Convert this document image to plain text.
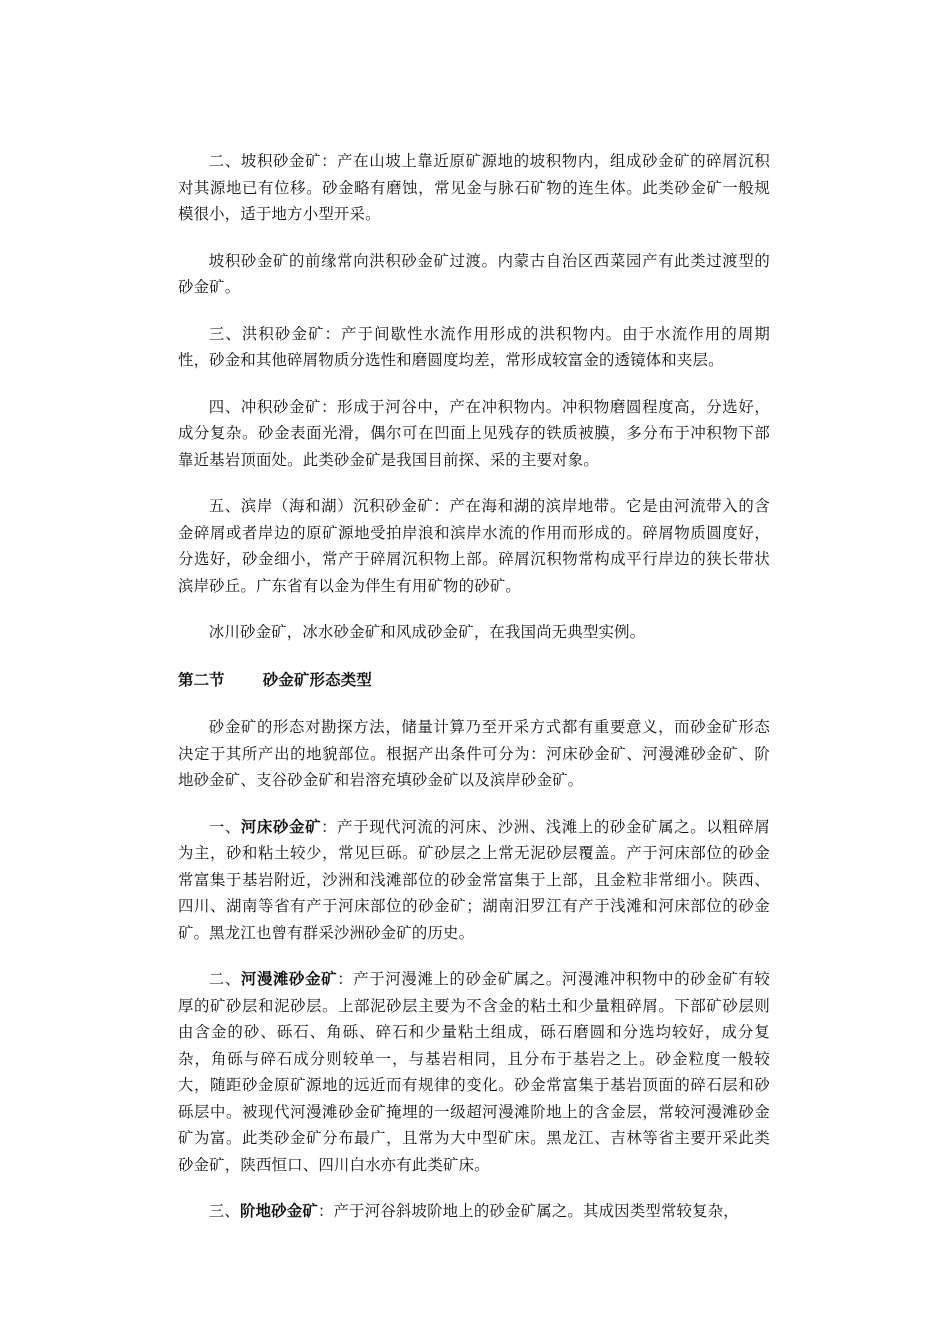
二、坡积砂金矿：产在山坡上靠近原矿源地的坡积物内，组成砂金矿的碎屑沉积对其源地已有位移。砂金略有磨蚀，常见金与脉石矿物的连生体。此类砂金矿一般规模很小，适于地方小型开采。

坡积砂金矿的前缘常向洪积砂金矿过渡。内蒙古自治区西菜园产有此类过渡型的砂金矿。

三、洪积砂金矿：产于间歇性水流作用形成的洪积物内。由于水流作用的周期性，砂金和其他碎屑物质分选性和磨圆度均差，常形成较富金的透镜体和夹层。

四、冲积砂金矿：形成于河谷中，产在冲积物内。冲积物磨圆程度高，分选好，成分复杂。砂金表面光滑，偶尔可在凹面上见残存的铁质被膜，多分布于冲积物下部靠近基岩顶面处。此类砂金矿是我国目前探、采的主要对象。

五、滨岸（海和湖）沉积砂金矿：产在海和湖的滨岸地带。它是由河流带入的含金碎屑或者岸边的原矿源地受拍岸浪和滨岸水流的作用而形成的。碎屑物质圆度好，分选好，砂金细小，常产于碎屑沉积物上部。碎屑沉积物常构成平行岸边的狭长带状滨岸砂丘。广东省有以金为伴生有用矿物的砂矿。

冰川砂金矿，冰水砂金矿和风成砂金矿，在我国尚无典型实例。

第二节 砂金矿形态类型

砂金矿的形态对勘探方法，储量计算乃至开采方式都有重要意义，而砂金矿形态决定于其所产出的地貌部位。根据产出条件可分为：河床砂金矿、河漫滩砂金矿、阶地砂金矿、支谷砂金矿和岩溶充填砂金矿以及滨岸砂金矿。

一、河床砂金矿：产于现代河流的河床、沙洲、浅滩上的砂金矿属之。以粗碎屑为主，砂和粘土较少，常见巨砾。矿砂层之上常无泥砂层覆盖。产于河床部位的砂金常富集于基岩附近，沙洲和浅滩部位的砂金常富集于上部，且金粒非常细小。陕西、四川、湖南等省有产于河床部位的砂金矿；湖南汨罗江有产于浅滩和河床部位的砂金矿。黑龙江也曾有群采沙洲砂金矿的历史。

二、河漫滩砂金矿：产于河漫滩上的砂金矿属之。河漫滩冲积物中的砂金矿有较厚的矿砂层和泥砂层。上部泥砂层主要为不含金的粘土和少量粗碎屑。下部矿砂层则由含金的砂、砾石、角砾、碎石和少量粘土组成，砾石磨圆和分选均较好，成分复杂，角砾与碎石成分则较单一，与基岩相同，且分布于基岩之上。砂金粒度一般较大，随距砂金原矿源地的远近而有规律的变化。砂金常富集于基岩顶面的碎石层和砂砾层中。被现代河漫滩砂金矿掩埋的一级超河漫滩阶地上的含金层，常较河漫滩砂金矿为富。此类砂金矿分布最广，且常为大中型矿床。黑龙江、吉林等省主要开采此类砂金矿，陕西恒口、四川白水亦有此类矿床。

三、阶地砂金矿：产于河谷斜坡阶地上的砂金矿属之。其成因类型常较复杂，
